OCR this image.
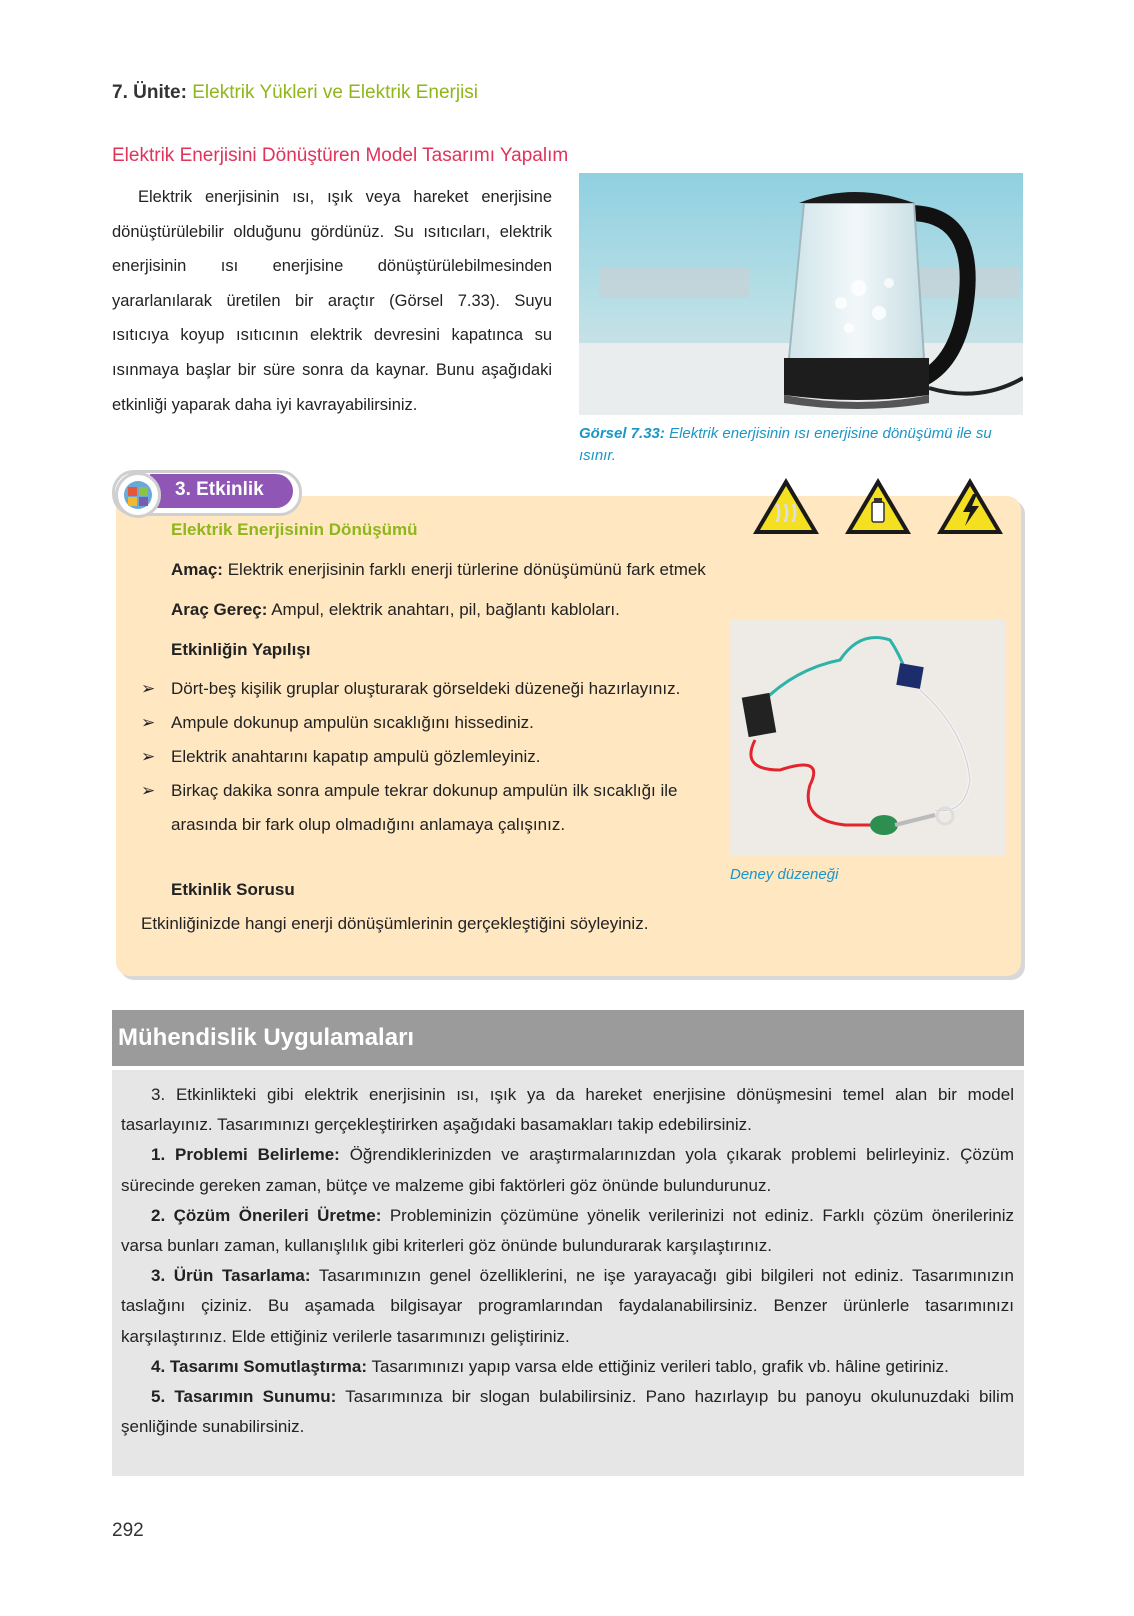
7. Ünite: Elektrik Yükleri ve Elektrik Enerjisi
Elektrik Enerjisini Dönüştüren Model Tasarımı Yapalım

Elektrik enerjisinin ısı, ışık veya hareket enerjisine dönüştürülebilir olduğunu gördünüz. Su ısıtıcıları, elektrik enerjisinin ısı enerjisine dönüştürülebilmesinden yararlanılarak üretilen bir araçtır (Görsel 7.33). Suyu ısıtıcıya koyup ısıtıcının elektrik devresini kapatınca su ısınmaya başlar bir süre sonra da kaynar. Bunu aşağıdaki etkinliği yaparak daha iyi kavrayabilirsiniz.

Görsel 7.33: Elektrik enerjisinin ısı enerjisine dönüşümü ile su ısınır.
3. Etkinlik
Elektrik Enerjisinin Dönüşümü
Amaç: Elektrik enerjisinin farklı enerji türlerine dönüşümünü fark etmek
Araç Gereç: Ampul, elektrik anahtarı, pil, bağlantı kabloları.
Etkinliğin Yapılışı
➢ Dört-beş kişilik gruplar oluşturarak görseldeki düzeneği hazırlayınız.
➢ Ampule dokunup ampulün sıcaklığını hissediniz.
➢ Elektrik anahtarını kapatıp ampulü gözlemleyiniz.
➢ Birkaç dakika sonra ampule tekrar dokunup ampulün ilk sıcaklığı ile arasında bir fark olup olmadığını anlamaya çalışınız.
Etkinlik Sorusu
Etkinliğinizde hangi enerji dönüşümlerinin gerçekleştiğini söyleyiniz.
Deney düzeneği
Mühendislik Uygulamaları

3. Etkinlikteki gibi elektrik enerjisinin ısı, ışık ya da hareket enerjisine dönüşmesini temel alan bir model tasarlayınız. Tasarımınızı gerçekleştirirken aşağıdaki basamakları takip edebilirsiniz.

1. Problemi Belirleme: Öğrendiklerinizden ve araştırmalarınızdan yola çıkarak problemi belirleyiniz. Çözüm sürecinde gereken zaman, bütçe ve malzeme gibi faktörleri göz önünde bulundurunuz.

2. Çözüm Önerileri Üretme: Probleminizin çözümüne yönelik verilerinizi not ediniz. Farklı çözüm önerileriniz varsa bunları zaman, kullanışlılık gibi kriterleri göz önünde bulundurarak karşılaştırınız.

3. Ürün Tasarlama: Tasarımınızın genel özelliklerini, ne işe yarayacağı gibi bilgileri not ediniz. Tasarımınızın taslağını çiziniz. Bu aşamada bilgisayar programlarından faydalanabilirsiniz. Benzer ürünlerle tasarımınızı karşılaştırınız. Elde ettiğiniz verilerle tasarımınızı geliştiriniz.

4. Tasarımı Somutlaştırma: Tasarımınızı yapıp varsa elde ettiğiniz verileri tablo, grafik vb. hâline getiriniz.

5. Tasarımın Sunumu: Tasarımınıza bir slogan bulabilirsiniz. Pano hazırlayıp bu panoyu okulunuzdaki bilim şenliğinde sunabilirsiniz.

292
